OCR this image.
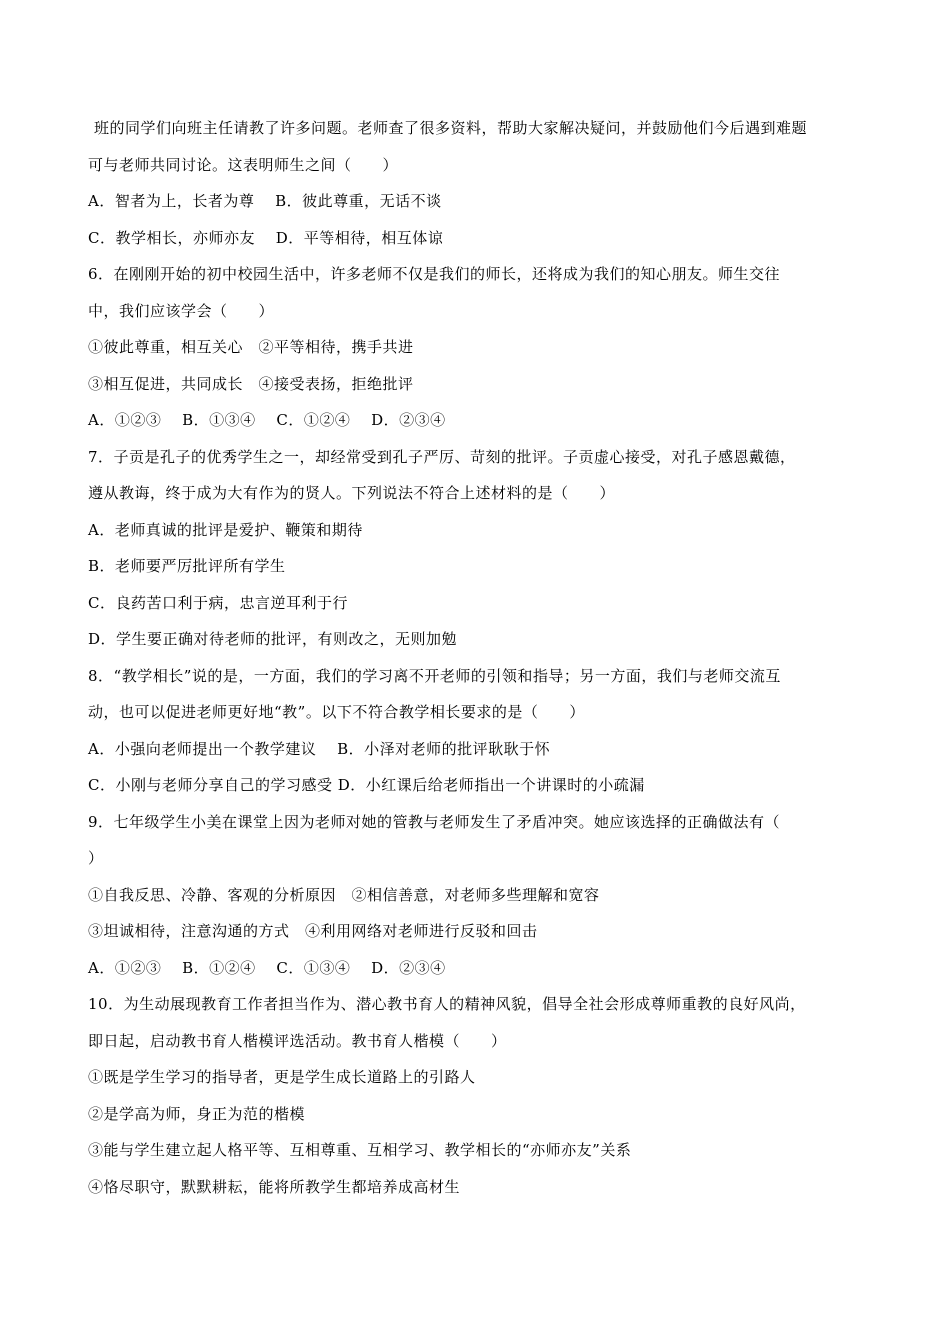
班的同学们向班主任请教了许多问题。老师查了很多资料，帮助大家解决疑问，并鼓励他们今后遇到难题
可与老师共同讨论。这表明师生之间（　　）
A．智者为上，长者为尊　 B．彼此尊重，无话不谈
C．教学相长，亦师亦友　 D．平等相待，相互体谅
6．在刚刚开始的初中校园生活中，许多老师不仅是我们的师长，还将成为我们的知心朋友。师生交往
中，我们应该学会（　　）
①彼此尊重，相互关心　②平等相待，携手共进
③相互促进，共同成长　④接受表扬，拒绝批评
A．①②③　 B．①③④　 C．①②④　 D．②③④
7．子贡是孔子的优秀学生之一，却经常受到孔子严厉、苛刻的批评。子贡虚心接受，对孔子感恩戴德，
遵从教诲，终于成为大有作为的贤人。下列说法不符合上述材料的是（　　）
A．老师真诚的批评是爱护、鞭策和期待
B．老师要严厉批评所有学生
C．良药苦口利于病，忠言逆耳利于行
D．学生要正确对待老师的批评，有则改之，无则加勉
8．“教学相长”说的是，一方面，我们的学习离不开老师的引领和指导；另一方面，我们与老师交流互
动，也可以促进老师更好地“教”。以下不符合教学相长要求的是（　　）
A．小强向老师提出一个教学建议　 B．小泽对老师的批评耿耿于怀
C．小刚与老师分享自己的学习感受 D．小红课后给老师指出一个讲课时的小疏漏
9．七年级学生小美在课堂上因为老师对她的管教与老师发生了矛盾冲突。她应该选择的正确做法有（
）
①自我反思、冷静、客观的分析原因　②相信善意，对老师多些理解和宽容
③坦诚相待，注意沟通的方式　④利用网络对老师进行反驳和回击
A．①②③　 B．①②④　 C．①③④　 D．②③④
10．为生动展现教育工作者担当作为、潜心教书育人的精神风貌，倡导全社会形成尊师重教的良好风尚，
即日起，启动教书育人楷模评选活动。教书育人楷模（　　）
①既是学生学习的指导者，更是学生成长道路上的引路人
②是学高为师，身正为范的楷模
③能与学生建立起人格平等、互相尊重、互相学习、教学相长的“亦师亦友”关系
④恪尽职守，默默耕耘，能将所教学生都培养成高材生
